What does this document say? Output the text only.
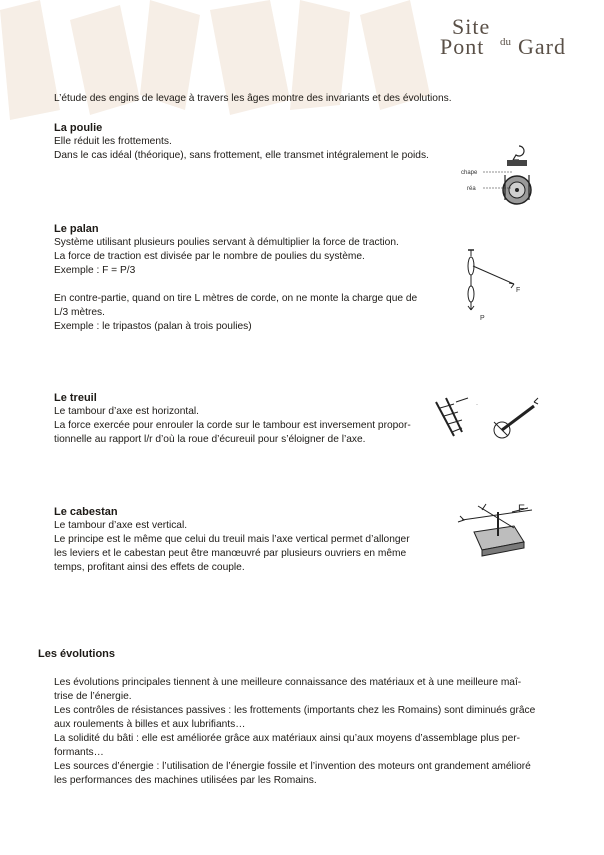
Site
Pont du Gard
L’étude des engins de levage à travers les âges montre des invariants et des évolutions.
La poulie
Elle réduit les frottements.
Dans le cas idéal (théorique), sans frottement, elle transmet intégralement le poids.
chape
réa
Le palan
Système utilisant plusieurs poulies servant à démultiplier la force de traction.
La force de traction est divisée par le nombre de poulies du système.
Exemple : F = P/3

En contre-partie, quand on tire L mètres de corde, on ne monte la charge que de
L/3 mètres.
Exemple : le tripastos (palan à trois poulies)
F
P
Le treuil
Le tambour d’axe est horizontal.
La force exercée pour enrouler la corde sur le tambour est inversement propor-
tionnelle au rapport l/r d’où la roue d’écureuil pour s’éloigner de l’axe.
·
Le cabestan
Le tambour d’axe est vertical.
Le principe est le même que celui du treuil mais l’axe vertical permet d’allonger
les leviers et le cabestan peut être manœuvré par plusieurs ouvriers en même
temps, profitant ainsi des effets de couple.
F
Les évolutions
Les évolutions principales tiennent à une meilleure connaissance des matériaux et à une meilleure maî-
trise de l’énergie.
Les contrôles de résistances passives : les frottements (importants chez les Romains) sont diminués grâce
aux roulements à billes et aux lubrifiants…
La solidité du bâti : elle est améliorée grâce aux matériaux ainsi qu’aux moyens d’assemblage plus per-
formants…
Les sources d’énergie : l’utilisation de l’énergie fossile et l’invention des moteurs ont grandement amélioré
les performances des machines utilisées par les Romains.
